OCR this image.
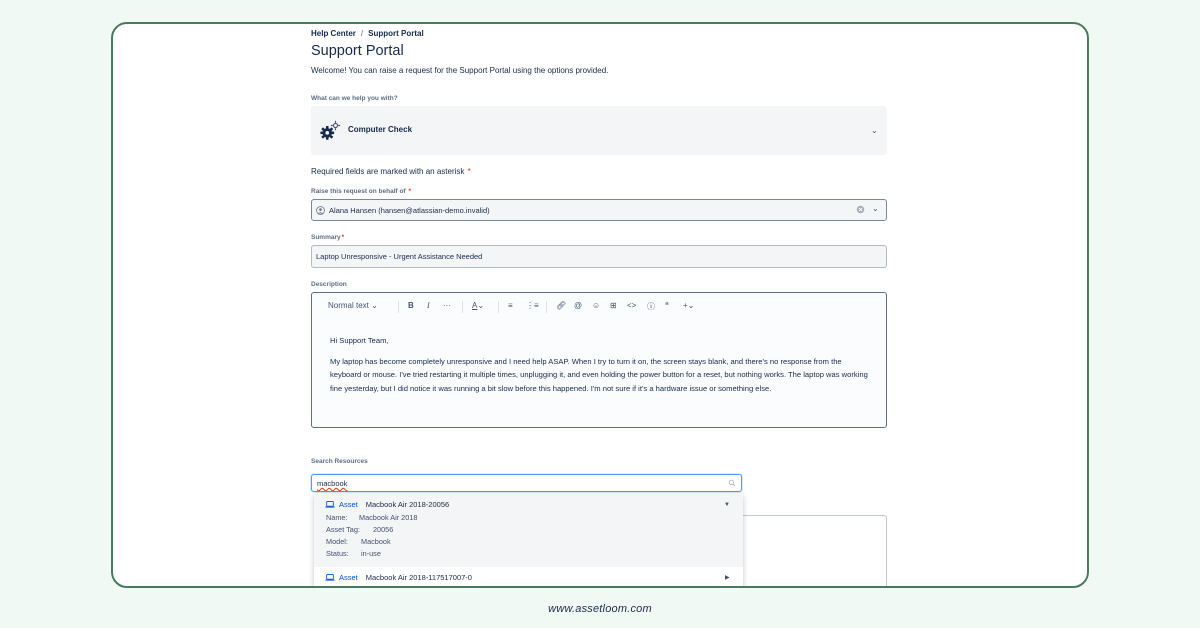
Help Center / Support Portal
Support Portal
Welcome! You can raise a request for the Support Portal using the options provided.
What can we help you with?
Computer Check	⌄
Required fields are marked with an asterisk *
Raise this request on behalf of *
Alana Hansen (hansen@atlassian-demo.invalid)	⌄
Summary*
Laptop Unresponsive - Urgent Assistance Needed
Description
Normal text ⌄	B I ···	A⌄	≡ ⋮≡ 🔗︎ @ ☺ ⊞ <> ⓘ “ +⌄

Hi Support Team,

My laptop has become completely unresponsive and I need help ASAP. When I try to turn it on, the screen stays blank, and there's no response from the keyboard or mouse. I've tried restarting it multiple times, unplugging it, and even holding the power button for a reset, but nothing works. The laptop was working fine yesterday, but I did notice it was running a bit slow before this happened. I'm not sure if it's a hardware issue or something else.

Search Resources
macbook
Asset Macbook Air 2018-20056	▼
Name: Macbook Air 2018
Asset Tag: 20056
Model: Macbook
Status: in-use
Asset Macbook Air 2018-117517007-0	▶
www.assetloom.com
